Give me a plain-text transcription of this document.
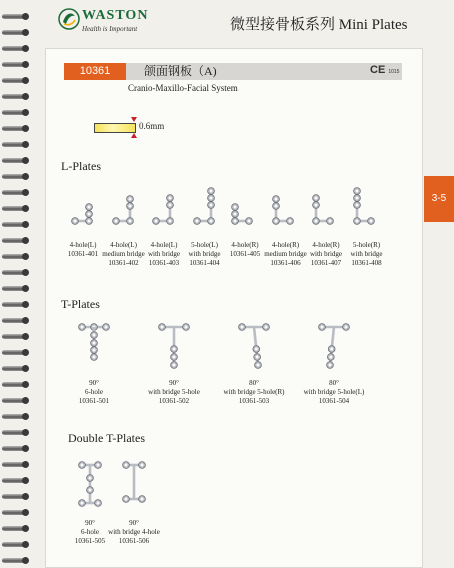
WASTON
Health is Important	微型接骨板系列 Mini Plates
10361	颌面钢板（A)	CE 1015
Cranio-Maxillo-Facial System
0.6mm
L-Plates
T-Plates
Double T-Plates
4-hole(L)
10361-401
4-hole(L)
medium bridge
10361-402
4-hole(L)
with bridge
10361-403
5-hole(L)
with bridge
10361-404
4-hole(R)
10361-405
4-hole(R)
medium bridge
10361-406
4-hole(R)
with bridge
10361-407
5-hole(R)
with bridge
10361-408
90°
6-hole
10361-501
90°
with bridge 5-hole
10361-502
80°
with bridge 5-hole(R)
10361-503
80°
with bridge 5-hole(L)
10361-504
90°
6-hole
10361-505
90°
with bridge 4-hole
10361-506
3-5
